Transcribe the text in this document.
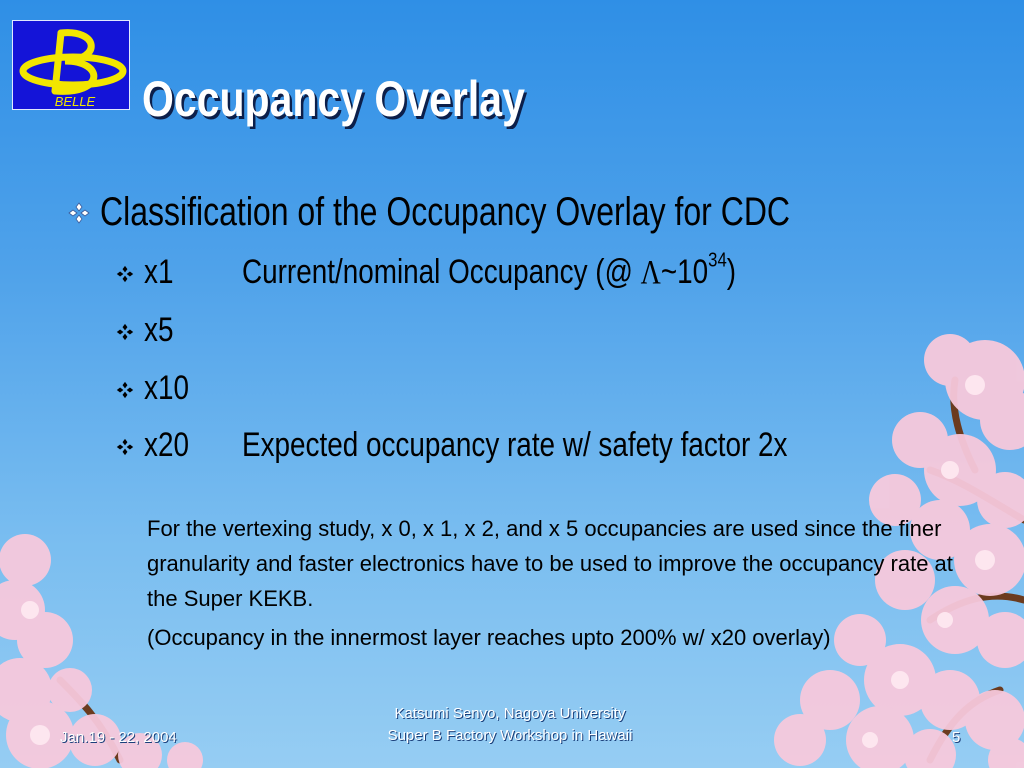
BELLE Occupancy Overlay
Classification of the Occupancy Overlay for CDC
x1 Current/nominal Occupancy (@ $\Lambda\sim 10^{34}$)
x5
x10
x20 Expected occupancy rate w/ safety factor 2x

For the vertexing study, x 0, x 1, x 2, and x 5 occupancies are used since the finer granularity and faster electronics have to be used to improve the occupancy rate at the Super KEKB.

(Occupancy in the innermost layer reaches upto 200% w/ x20 overlay)

Jan.19 - 22, 2004
Katsumi Senyo, Nagoya University
Super B Factory Workshop in Hawaii	5
